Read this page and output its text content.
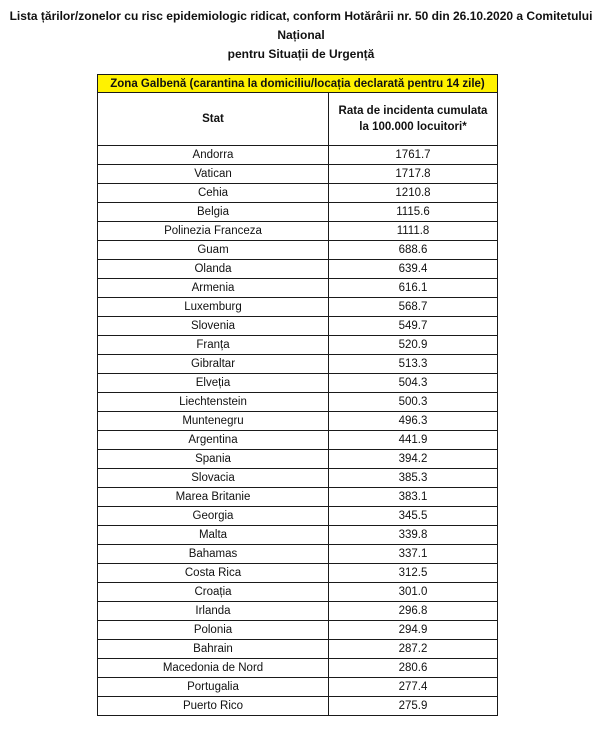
Lista țărilor/zonelor cu risc epidemiologic ridicat, conform Hotărârii nr. 50 din 26.10.2020 a Comitetului Național
pentru Situații de Urgență
Zona Galbenă (carantina la domiciliu/locația declarată pentru 14 zile)	
Stat	Rata de incidenta cumulata
la 100.000 locuitori*

Andorra	1761.7
Vatican	1717.8
Cehia	1210.8
Belgia	1115.6
Polinezia Franceza	1111.8
Guam	688.6
Olanda	639.4
Armenia	616.1
Luxemburg	568.7
Slovenia	549.7
Franța	520.9
Gibraltar	513.3
Elveția	504.3
Liechtenstein	500.3
Muntenegru	496.3
Argentina	441.9
Spania	394.2
Slovacia	385.3
Marea Britanie	383.1
Georgia	345.5
Malta	339.8
Bahamas	337.1
Costa Rica	312.5
Croația	301.0
Irlanda	296.8
Polonia	294.9
Bahrain	287.2
Macedonia de Nord	280.6
Portugalia	277.4
Puerto Rico	275.9
